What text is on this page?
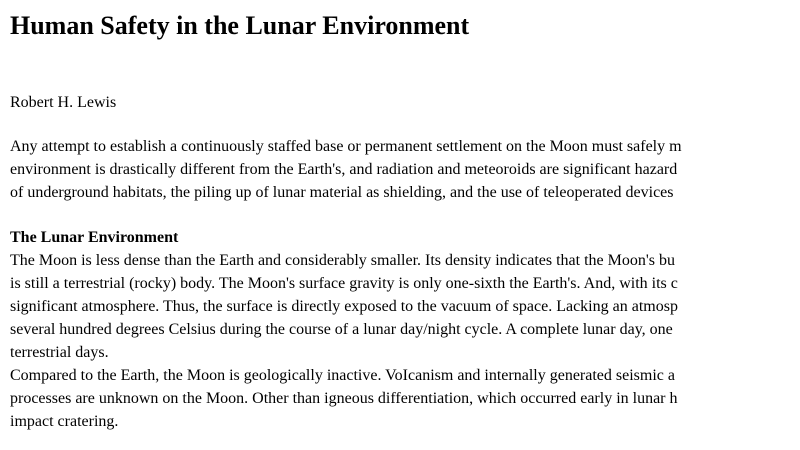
Human Safety in the Lunar Environment
Robert H. Lewis
Any attempt to establish a continuously staffed base or permanent settlement on the Moon must safely m
environment is drastically different from the Earth's, and radiation and meteoroids are significant hazard
of underground habitats, the piling up of lunar material as shielding, and the use of teleoperated devices
The Lunar Environment
The Moon is less dense than the Earth and considerably smaller. Its density indicates that the Moon's bu
is still a terrestrial (rocky) body. The Moon's surface gravity is only one-sixth the Earth's. And, with its c
significant atmosphere. Thus, the surface is directly exposed to the vacuum of space. Lacking an atmosp
several hundred degrees Celsius during the course of a lunar day/night cycle. A complete lunar day, one
terrestrial days.
Compared to the Earth, the Moon is geologically inactive. VoIcanism and internally generated seismic a
processes are unknown on the Moon. Other than igneous differentiation, which occurred early in lunar h
impact cratering.
